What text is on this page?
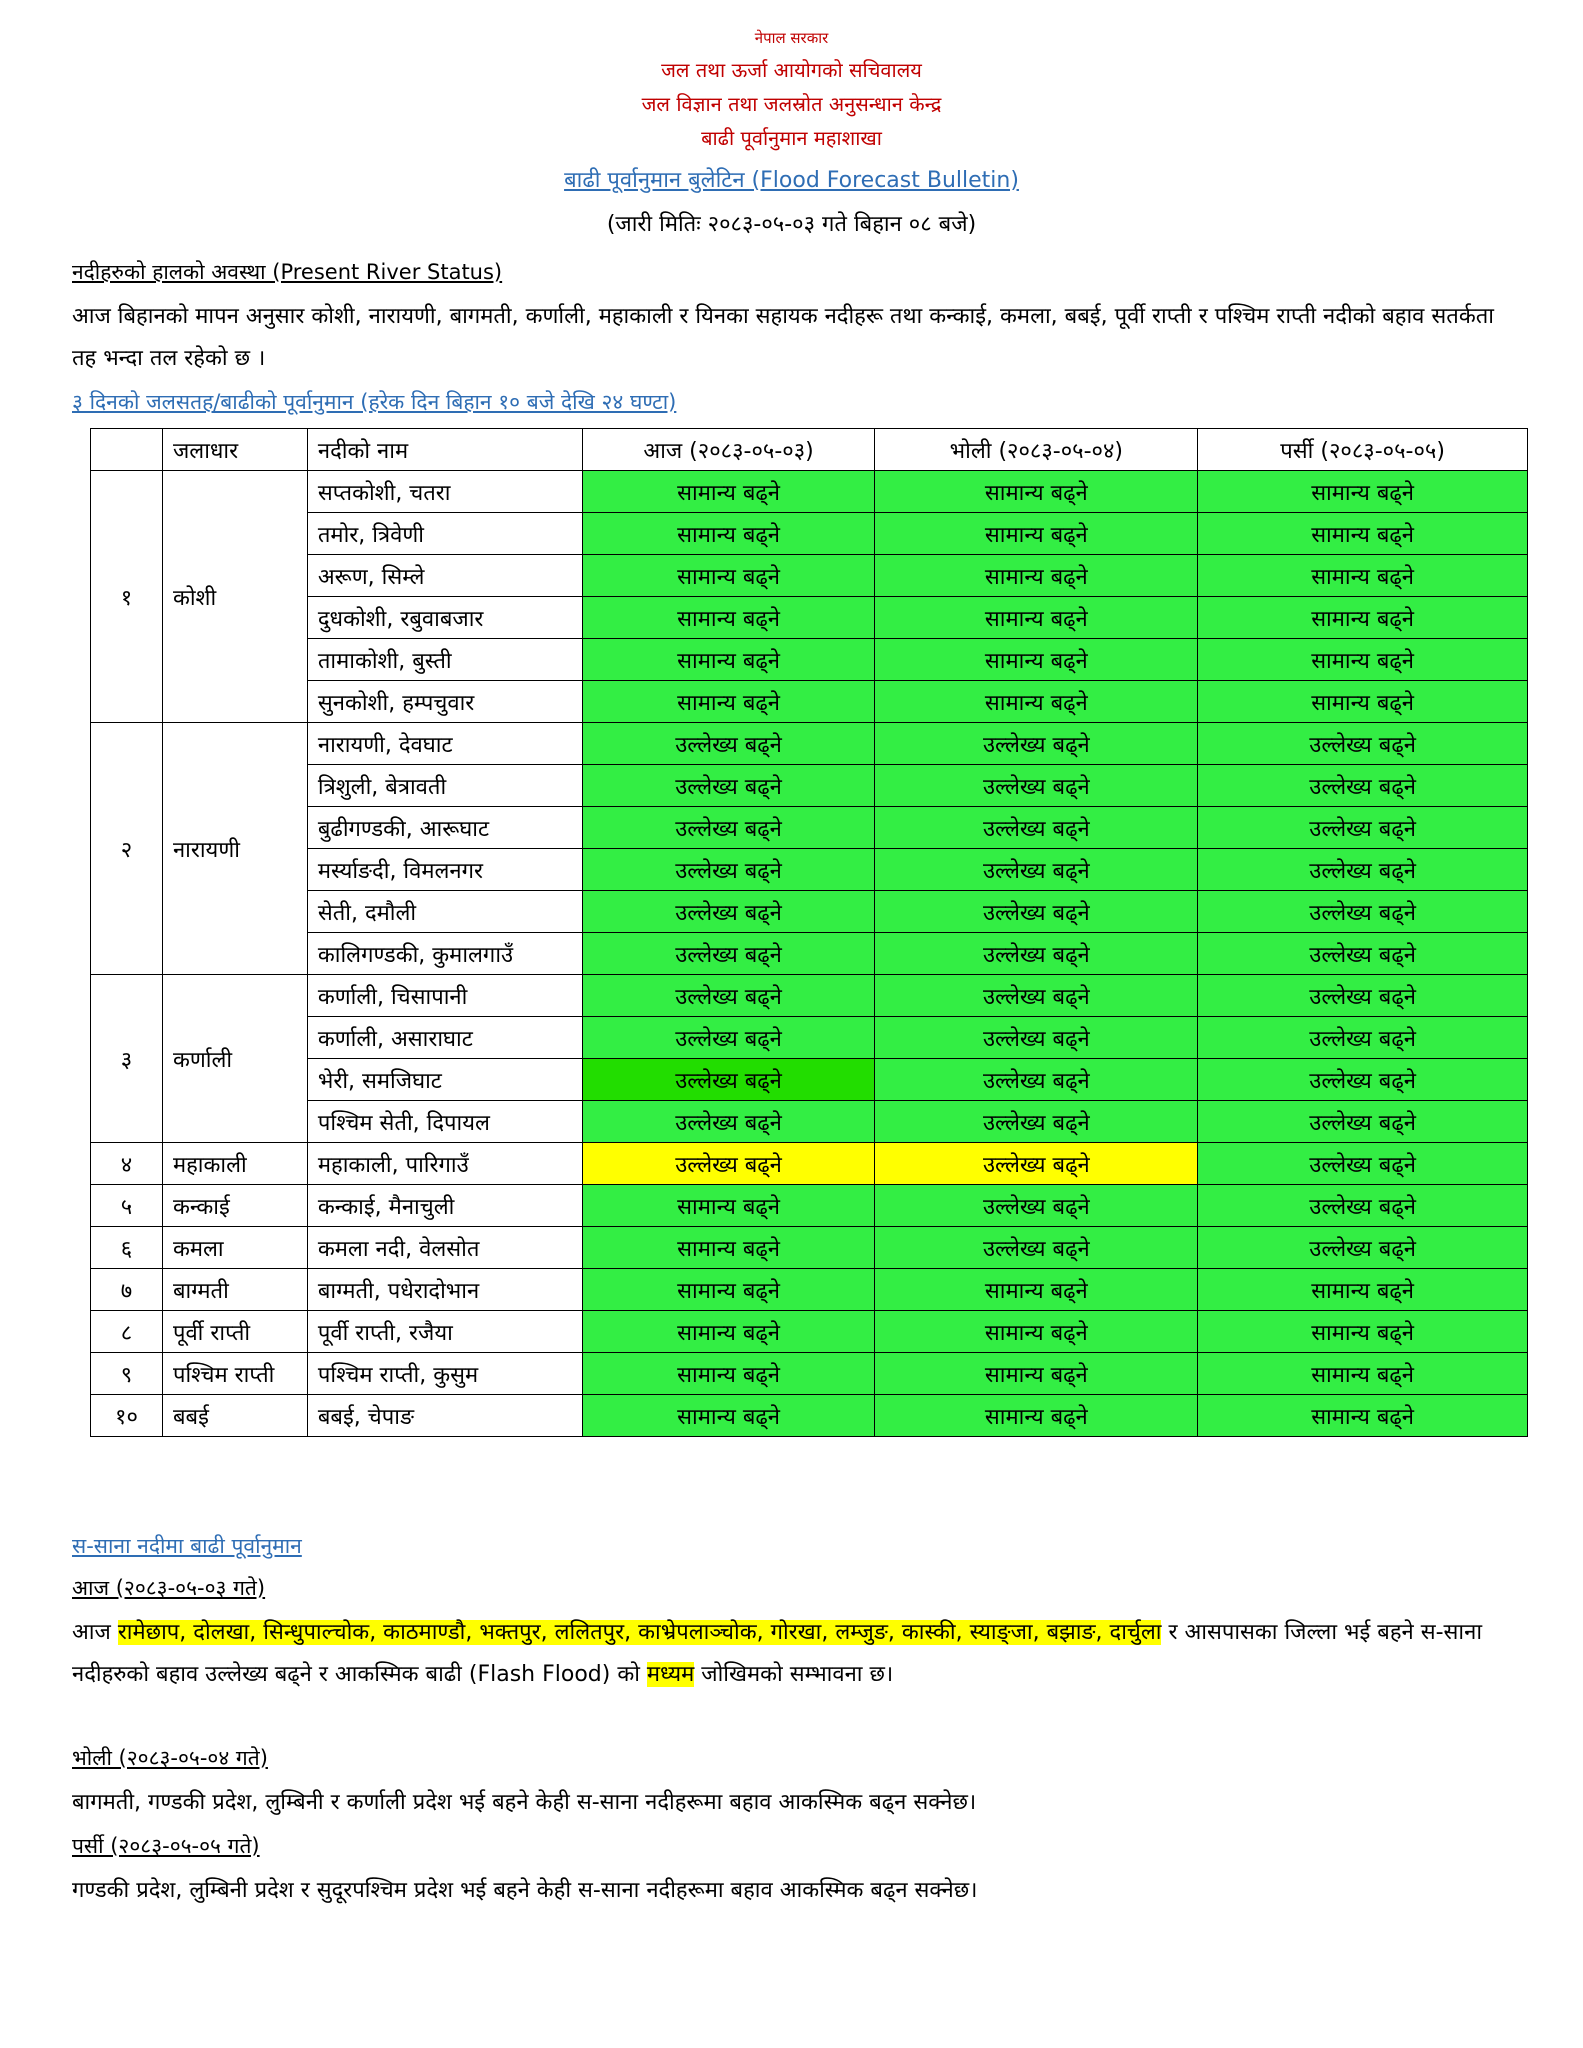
नेपाल सरकार
जल तथा ऊर्जा आयोगको सचिवालय
जल विज्ञान तथा जलस्रोत अनुसन्धान केन्द्र
बाढी पूर्वानुमान महाशाखा
बाढी पूर्वानुमान बुलेटिन (Flood Forecast Bulletin)
(जारी मितिः २०८३-०५-०३ गते बिहान ०८ बजे)
नदीहरुको हालको अवस्था (Present River Status)
आज बिहानको मापन अनुसार कोशी, नारायणी, बागमती, कर्णाली, महाकाली र यिनका सहायक नदीहरू तथा कन्काई, कमला, बबई, पूर्वी राप्ती र पश्चिम राप्ती नदीको बहाव सतर्कता तह भन्दा तल रहेको छ ।
३ दिनको जलसतह/बाढीको पूर्वानुमान (हरेक दिन बिहान १० बजे देखि २४ घण्टा)
	जलाधार	नदीको नाम	आज (२०८३-०५-०३)	भोली (२०८३-०५-०४)	पर्सी (२०८३-०५-०५)
१	कोशी	सप्तकोशी, चतरा	सामान्य बढ्ने	सामान्य बढ्ने	सामान्य बढ्ने
		तमोर, त्रिवेणी	सामान्य बढ्ने	सामान्य बढ्ने	सामान्य बढ्ने
		अरूण, सिम्ले	सामान्य बढ्ने	सामान्य बढ्ने	सामान्य बढ्ने
		दुधकोशी, रबुवाबजार	सामान्य बढ्ने	सामान्य बढ्ने	सामान्य बढ्ने
		तामाकोशी, बुस्ती	सामान्य बढ्ने	सामान्य बढ्ने	सामान्य बढ्ने
		सुनकोशी, हम्पचुवार	सामान्य बढ्ने	सामान्य बढ्ने	सामान्य बढ्ने
२	नारायणी	नारायणी, देवघाट	उल्लेख्य बढ्ने	उल्लेख्य बढ्ने	उल्लेख्य बढ्ने
		त्रिशुली, बेत्रावती	उल्लेख्य बढ्ने	उल्लेख्य बढ्ने	उल्लेख्य बढ्ने
		बुढीगण्डकी, आरूघाट	उल्लेख्य बढ्ने	उल्लेख्य बढ्ने	उल्लेख्य बढ्ने
		मर्स्याङदी, विमलनगर	उल्लेख्य बढ्ने	उल्लेख्य बढ्ने	उल्लेख्य बढ्ने
		सेती, दमौली	उल्लेख्य बढ्ने	उल्लेख्य बढ्ने	उल्लेख्य बढ्ने
		कालिगण्डकी, कुमालगाउँ	उल्लेख्य बढ्ने	उल्लेख्य बढ्ने	उल्लेख्य बढ्ने
३	कर्णाली	कर्णाली, चिसापानी	उल्लेख्य बढ्ने	उल्लेख्य बढ्ने	उल्लेख्य बढ्ने
		कर्णाली, असाराघाट	उल्लेख्य बढ्ने	उल्लेख्य बढ्ने	उल्लेख्य बढ्ने
		भेरी, समजिघाट	उल्लेख्य बढ्ने	उल्लेख्य बढ्ने	उल्लेख्य बढ्ने
		पश्चिम सेती, दिपायल	उल्लेख्य बढ्ने	उल्लेख्य बढ्ने	उल्लेख्य बढ्ने
४	महाकाली	महाकाली, पारिगाउँ	उल्लेख्य बढ्ने	उल्लेख्य बढ्ने	उल्लेख्य बढ्ने
५	कन्काई	कन्काई, मैनाचुली	सामान्य बढ्ने	उल्लेख्य बढ्ने	उल्लेख्य बढ्ने
६	कमला	कमला नदी, वेलसोत	सामान्य बढ्ने	उल्लेख्य बढ्ने	उल्लेख्य बढ्ने
७	बाग्मती	बाग्मती, पधेरादोभान	सामान्य बढ्ने	सामान्य बढ्ने	सामान्य बढ्ने
८	पूर्वी राप्ती	पूर्वी राप्ती, रजैया	सामान्य बढ्ने	सामान्य बढ्ने	सामान्य बढ्ने
९	पश्चिम राप्ती	पश्चिम राप्ती, कुसुम	सामान्य बढ्ने	सामान्य बढ्ने	सामान्य बढ्ने
१०	बबई	बबई, चेपाङ	सामान्य बढ्ने	सामान्य बढ्ने	सामान्य बढ्ने
स-साना नदीमा बाढी पूर्वानुमान
आज (२०८३-०५-०३ गते)
आज रामेछाप, दोलखा, सिन्धुपाल्चोक, काठमाण्डौ, भक्तपुर, ललितपुर, काभ्रेपलाञ्चोक, गोरखा, लम्जुङ, कास्की, स्याङ्जा, बझाङ, दार्चुला र आसपासका जिल्ला भई बहने स-साना नदीहरुको बहाव उल्लेख्य बढ्ने र आकस्मिक बाढी (Flash Flood) को मध्यम जोखिमको सम्भावना छ।
भोली (२०८३-०५-०४ गते)
बागमती, गण्डकी प्रदेश, लुम्बिनी र कर्णाली प्रदेश भई बहने केही स-साना नदीहरूमा बहाव आकस्मिक बढ्न सक्नेछ।
पर्सी (२०८३-०५-०५ गते)
गण्डकी प्रदेश, लुम्बिनी प्रदेश र सुदूरपश्चिम प्रदेश भई बहने केही स-साना नदीहरूमा बहाव आकस्मिक बढ्न सक्नेछ।
